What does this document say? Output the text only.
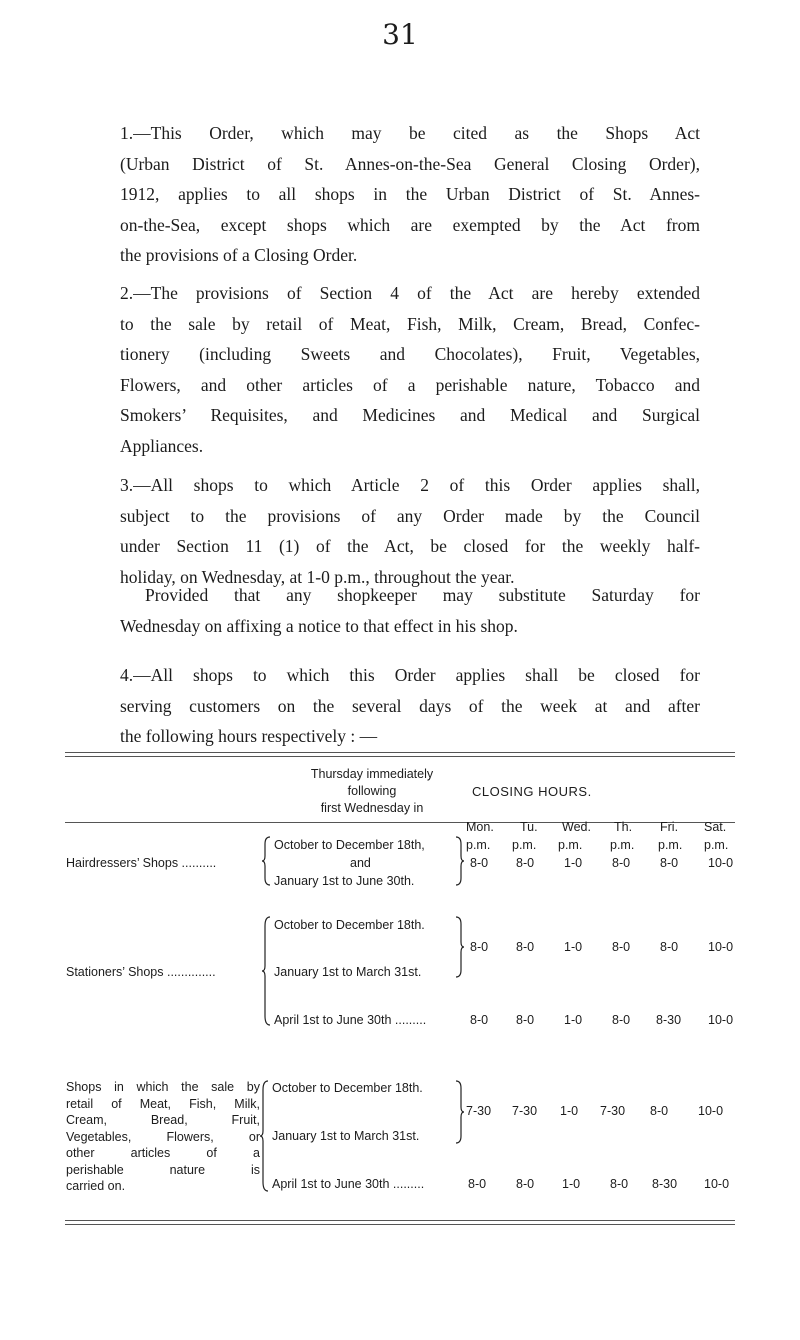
31

1.—This Order, which may be cited as the Shops Act
(Urban District of St. Annes-on-the-Sea General Closing Order),
1912, applies to all shops in the Urban District of St. Annes-
on-the-Sea, except shops which are exempted by the Act from
the provisions of a Closing Order.

2.—The provisions of Section 4 of the Act are hereby extended
to the sale by retail of Meat, Fish, Milk, Cream, Bread, Confec-
tionery (including Sweets and Chocolates), Fruit, Vegetables,
Flowers, and other articles of a perishable nature, Tobacco and
Smokers’ Requisites, and Medicines and Medical and Surgical
Appliances.

3.—All shops to which Article 2 of this Order applies shall,
subject to the provisions of any Order made by the Council
under Section 11 (1) of the Act, be closed for the weekly half-
holiday, on Wednesday, at 1-0 p.m., throughout the year.

Provided that any shopkeeper may substitute Saturday for
Wednesday on affixing a notice to that effect in his shop.

4.—All shops to which this Order applies shall be closed for
serving customers on the several days of the week at and after
the following hours respectively : —

Thursday immediately
following
first Wednesday in
CLOSING HOURS.
Hairdressers’ Shops ..........
October to December 18th,
and
January 1st to June 30th.
Mon. Tu. Wed. Th. Fri. Sat.
p.m. p.m. p.m. p.m. p.m. p.m.
8-0 8-0 1-0 8-0 8-0 10-0
Stationers’ Shops ..............
October to December 18th.
January 1st to March 31st.
8-0 8-0 1-0 8-0 8-0 10-0
April 1st to June 30th .........	8-0 8-0 1-0 8-0 8-30 10-0
Shops in which the sale by
retail of Meat, Fish, Milk,
Cream, Bread, Fruit,
Vegetables, Flowers, or
other articles of a
perishable nature is
carried on.
October to December 18th.
January 1st to March 31st.
7-30 7-30 1-0 7-30 8-0 10-0
April 1st to June 30th .........	8-0 8-0 1-0 8-0 8-30 10-0
